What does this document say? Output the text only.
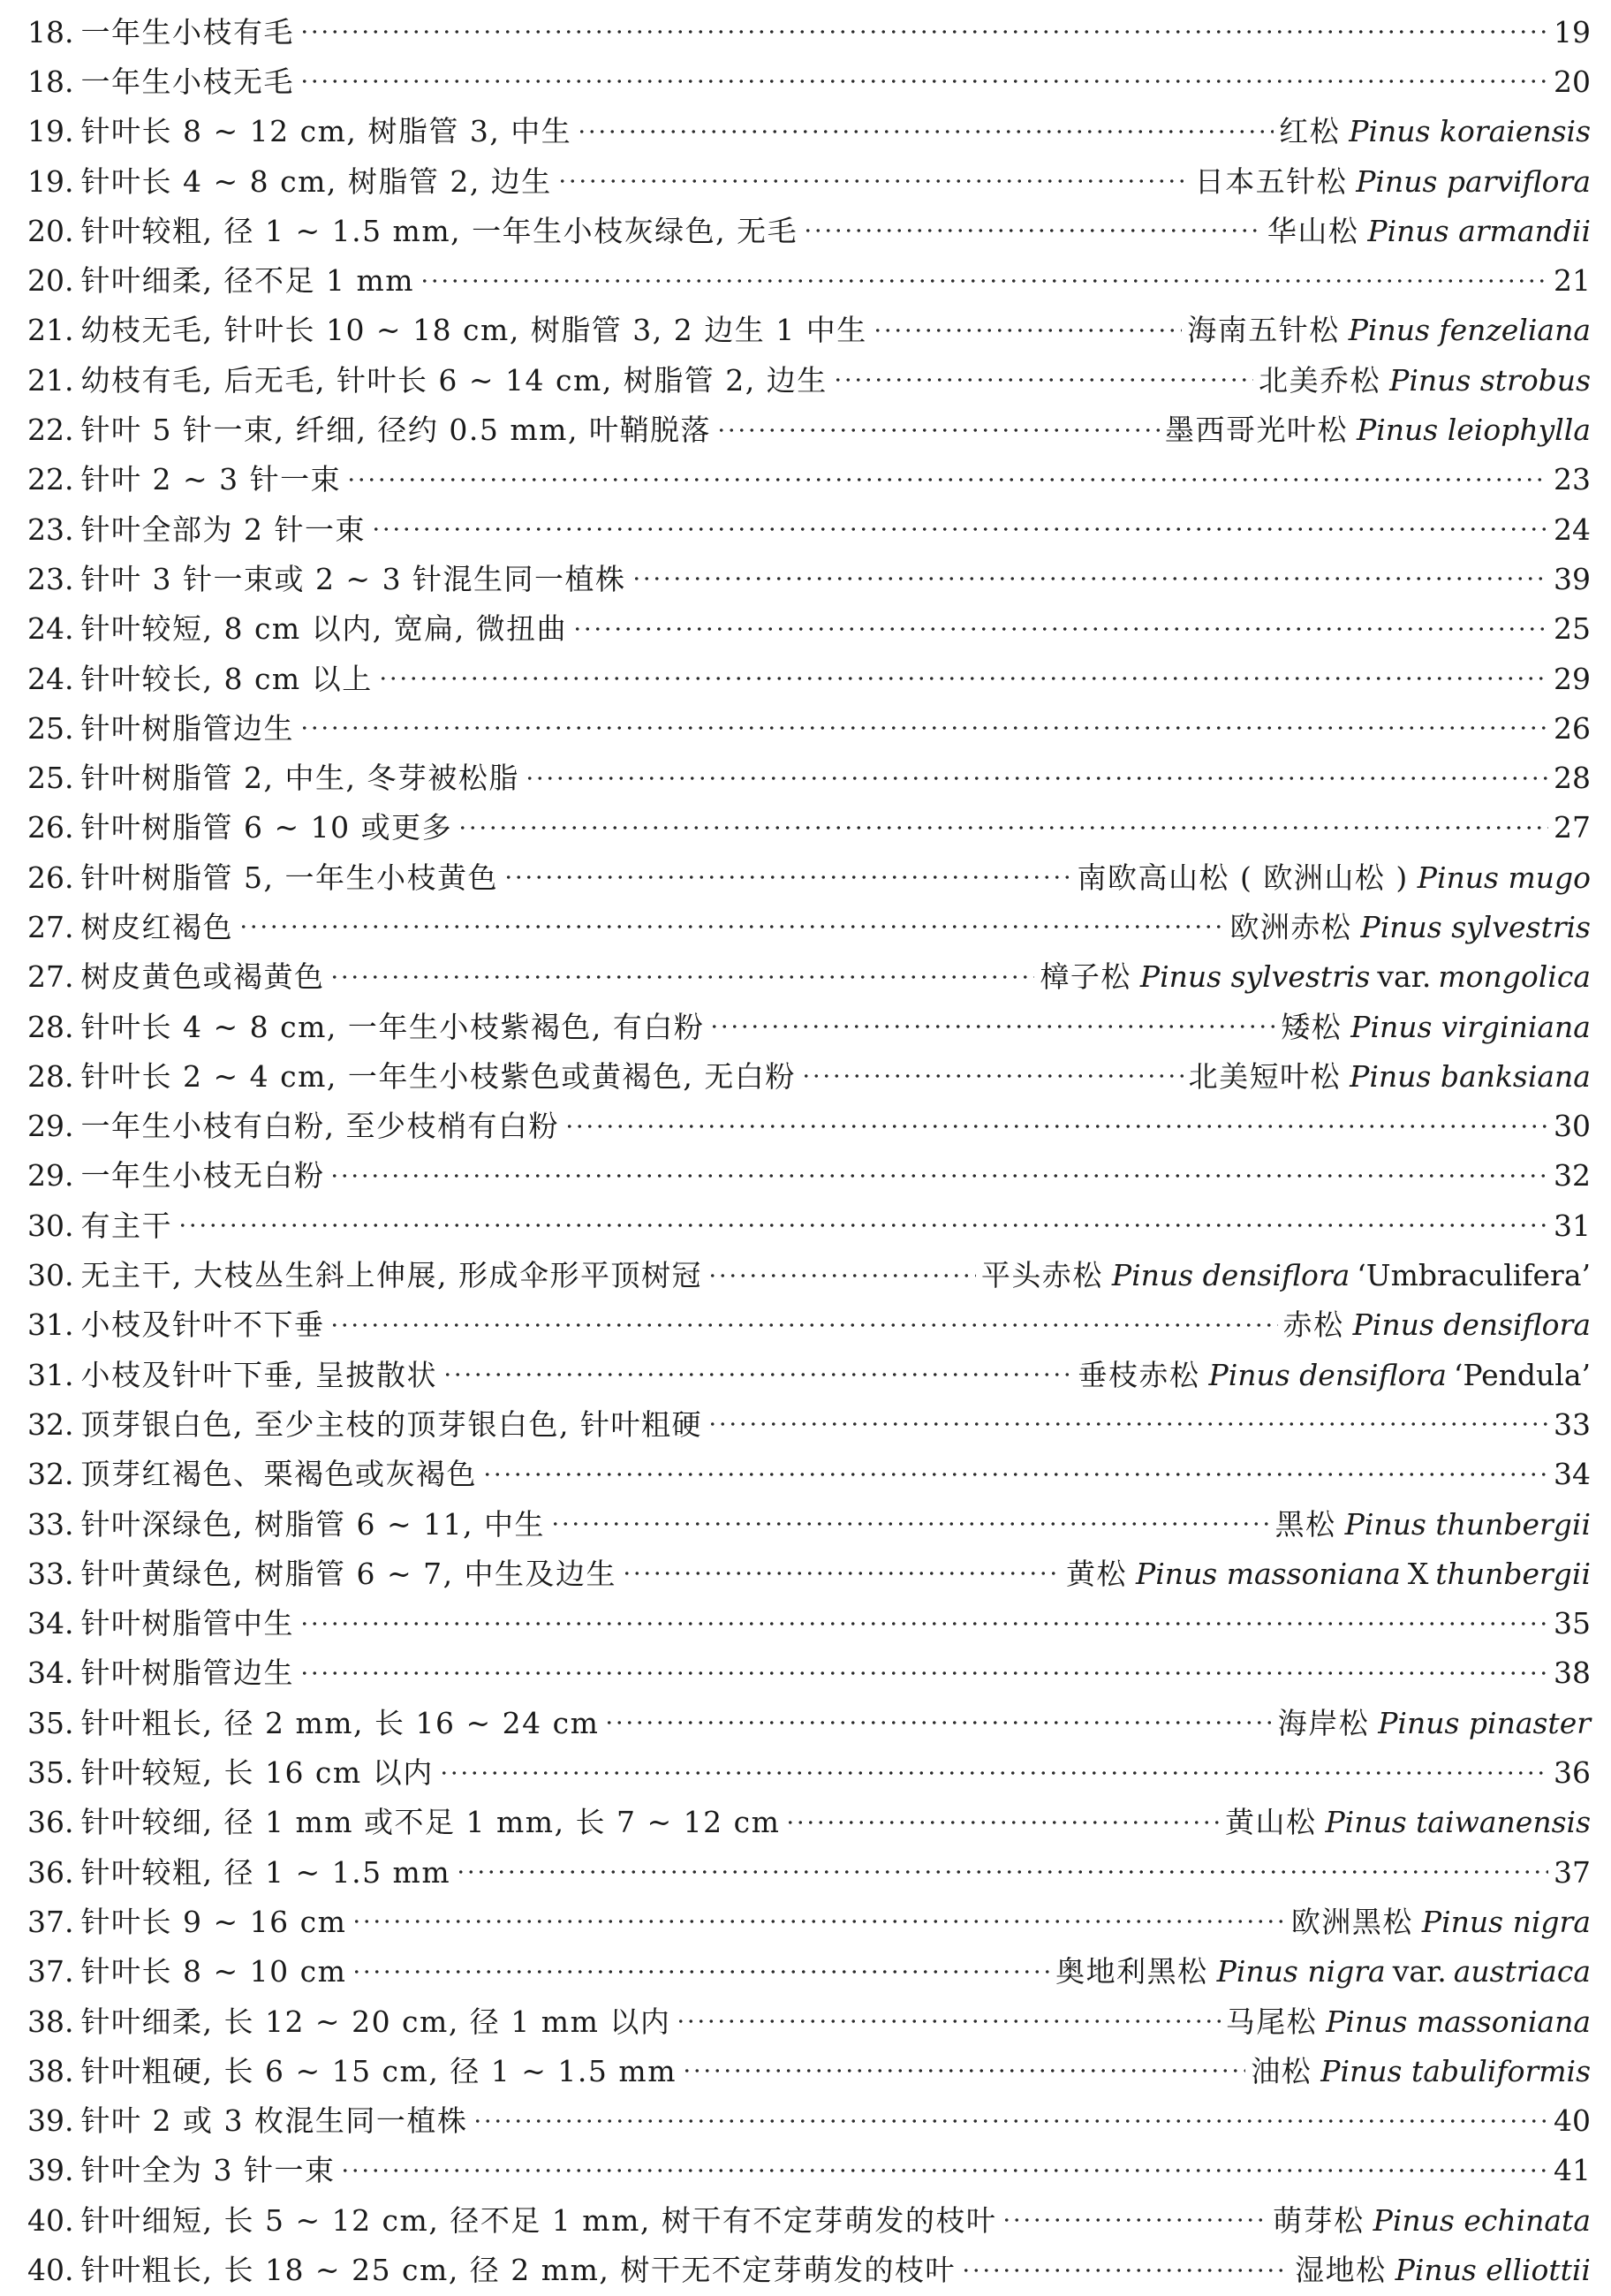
18. 一年生小枝有毛	19
18. 一年生小枝无毛	20
19. 针叶长 8 ~ 12 cm, 树脂管 3, 中生	红松 Pinus koraiensis
19. 针叶长 4 ~ 8 cm, 树脂管 2, 边生	日本五针松 Pinus parviflora
20. 针叶较粗, 径 1 ~ 1.5 mm, 一年生小枝灰绿色, 无毛	华山松 Pinus armandii
20. 针叶细柔, 径不足 1 mm	21
21. 幼枝无毛, 针叶长 10 ~ 18 cm, 树脂管 3, 2 边生 1 中生	海南五针松 Pinus fenzeliana
21. 幼枝有毛, 后无毛, 针叶长 6 ~ 14 cm, 树脂管 2, 边生	北美乔松 Pinus strobus
22. 针叶 5 针一束, 纤细, 径约 0.5 mm, 叶鞘脱落	墨西哥光叶松 Pinus leiophylla
22. 针叶 2 ~ 3 针一束	23
23. 针叶全部为 2 针一束	24
23. 针叶 3 针一束或 2 ~ 3 针混生同一植株	39
24. 针叶较短, 8 cm 以内, 宽扁, 微扭曲	25
24. 针叶较长, 8 cm 以上	29
25. 针叶树脂管边生	26
25. 针叶树脂管 2, 中生, 冬芽被松脂	28
26. 针叶树脂管 6 ~ 10 或更多	27
26. 针叶树脂管 5, 一年生小枝黄色	南欧高山松 ( 欧洲山松 ) Pinus mugo
27. 树皮红褐色	欧洲赤松 Pinus sylvestris
27. 树皮黄色或褐黄色	樟子松 Pinus sylvestris var. mongolica
28. 针叶长 4 ~ 8 cm, 一年生小枝紫褐色, 有白粉	矮松 Pinus virginiana
28. 针叶长 2 ~ 4 cm, 一年生小枝紫色或黄褐色, 无白粉	北美短叶松 Pinus banksiana
29. 一年生小枝有白粉, 至少枝梢有白粉	30
29. 一年生小枝无白粉	32
30. 有主干	31
30. 无主干, 大枝丛生斜上伸展, 形成伞形平顶树冠	平头赤松 Pinus densiflora ‘Umbraculifera’
31. 小枝及针叶不下垂	赤松 Pinus densiflora
31. 小枝及针叶下垂, 呈披散状	垂枝赤松 Pinus densiflora ‘Pendula’
32. 顶芽银白色, 至少主枝的顶芽银白色, 针叶粗硬	33
32. 顶芽红褐色、栗褐色或灰褐色	34
33. 针叶深绿色, 树脂管 6 ~ 11, 中生	黑松 Pinus thunbergii
33. 针叶黄绿色, 树脂管 6 ~ 7, 中生及边生	黄松 Pinus massoniana X thunbergii
34. 针叶树脂管中生	35
34. 针叶树脂管边生	38
35. 针叶粗长, 径 2 mm, 长 16 ~ 24 cm	海岸松 Pinus pinaster
35. 针叶较短, 长 16 cm 以内	36
36. 针叶较细, 径 1 mm 或不足 1 mm, 长 7 ~ 12 cm	黄山松 Pinus taiwanensis
36. 针叶较粗, 径 1 ~ 1.5 mm	37
37. 针叶长 9 ~ 16 cm	欧洲黑松 Pinus nigra
37. 针叶长 8 ~ 10 cm	奥地利黑松 Pinus nigra var. austriaca
38. 针叶细柔, 长 12 ~ 20 cm, 径 1 mm 以内	马尾松 Pinus massoniana
38. 针叶粗硬, 长 6 ~ 15 cm, 径 1 ~ 1.5 mm	油松 Pinus tabuliformis
39. 针叶 2 或 3 枚混生同一植株	40
39. 针叶全为 3 针一束	41
40. 针叶细短, 长 5 ~ 12 cm, 径不足 1 mm, 树干有不定芽萌发的枝叶	萌芽松 Pinus echinata
40. 针叶粗长, 长 18 ~ 25 cm, 径 2 mm, 树干无不定芽萌发的枝叶	湿地松 Pinus elliottii
